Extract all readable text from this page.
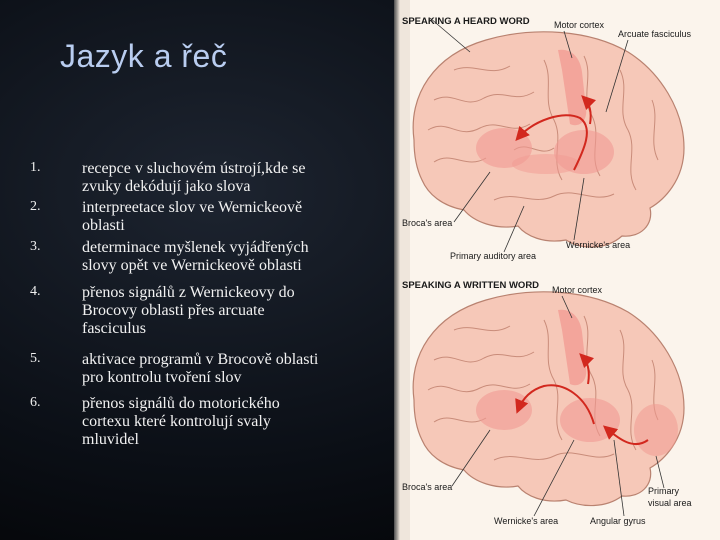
Jazyk a řeč
1.	recepce v sluchovém ústrojí,kde se
zvuky dekódují jako slova
2.	interpreetace slov ve Wernickeově
oblasti
3.	determinace myšlenek vyjádřených
slovy opět ve Wernickeově oblasti
4.	přenos signálů z Wernickeovy do
Brocovy oblasti přes arcuate
fasciculus
5.	aktivace programů v Brocově oblasti
pro kontrolu tvoření slov
6.	přenos signálů do motorického
cortexu které kontrolují svaly
mluvidel
SPEAKING A HEARD WORD	Motor cortex
Arcuate fasciculus
Broca's area
Wernicke's area
Primary auditory area
SPEAKING A WRITTEN WORD Motor cortex
Broca's area	Primary
visual area
Wernicke's area	Angular gyrus
